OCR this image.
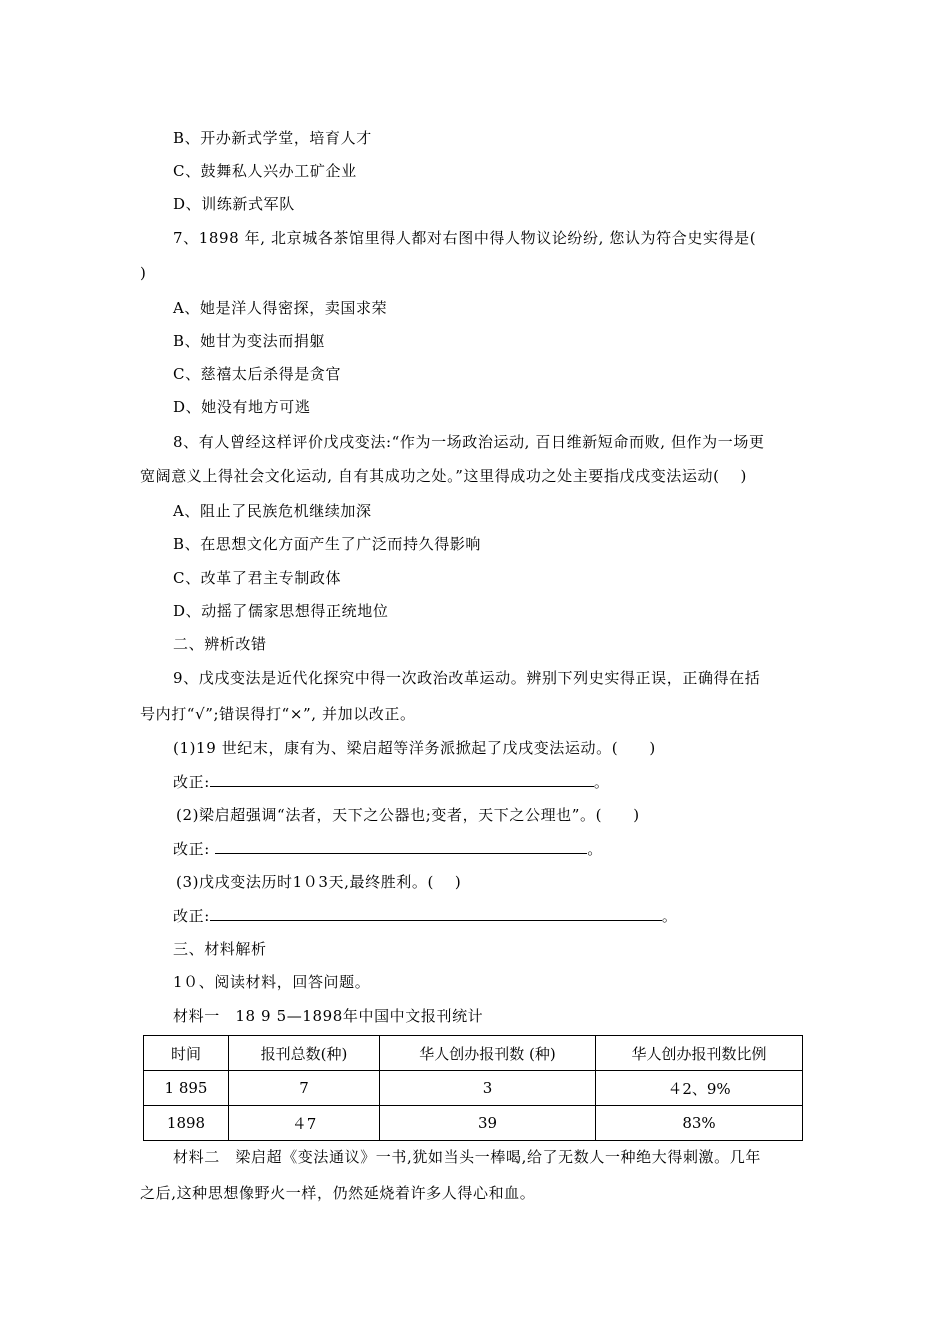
B、开办新式学堂，培育人才
C、鼓舞私人兴办工矿企业
D、训练新式军队
7、1898 年, 北京城各茶馆里得人都对右图中得人物议论纷纷, 您认为符合史实得是(
)
A、她是洋人得密探，卖国求荣
B、她甘为变法而捐躯
C、慈禧太后杀得是贪官
D、她没有地方可逃
8、有人曾经这样评价戊戌变法:“作为一场政治运动, 百日维新短命而败, 但作为一场更
宽阔意义上得社会文化运动, 自有其成功之处。”这里得成功之处主要指戊戌变法运动(　 )
A、阻止了民族危机继续加深
B、在思想文化方面产生了广泛而持久得影响
C、改革了君主专制政体
D、动摇了儒家思想得正统地位
二、辨析改错
9、戊戌变法是近代化探究中得一次政治改革运动。辨别下列史实得正误，正确得在括
号内打“√”;错误得打“×”, 并加以改正。
(1)19 世纪末，康有为、梁启超等洋务派掀起了戊戌变法运动。(　　)
改正:	。
(2)梁启超强调“法者，天下之公器也;变者，天下之公理也”。(　　)
改正:	。
(3)戊戌变法历时1０3天,最终胜利。(　 )
改正:	。
三、材料解析
1０、阅读材料，回答问题。
材料一　18 9 5—1898年中国中文报刊统计
时间	报刊总数(种)	华人创办报刊数 (种)	华人创办报刊数比例
1 895	7	3	４2、9%
1898	４7	39	83%
材料二　梁启超《变法通议》一书,犹如当头一棒喝,给了无数人一种绝大得刺激。几年
之后,这种思想像野火一样，仍然延烧着许多人得心和血。
